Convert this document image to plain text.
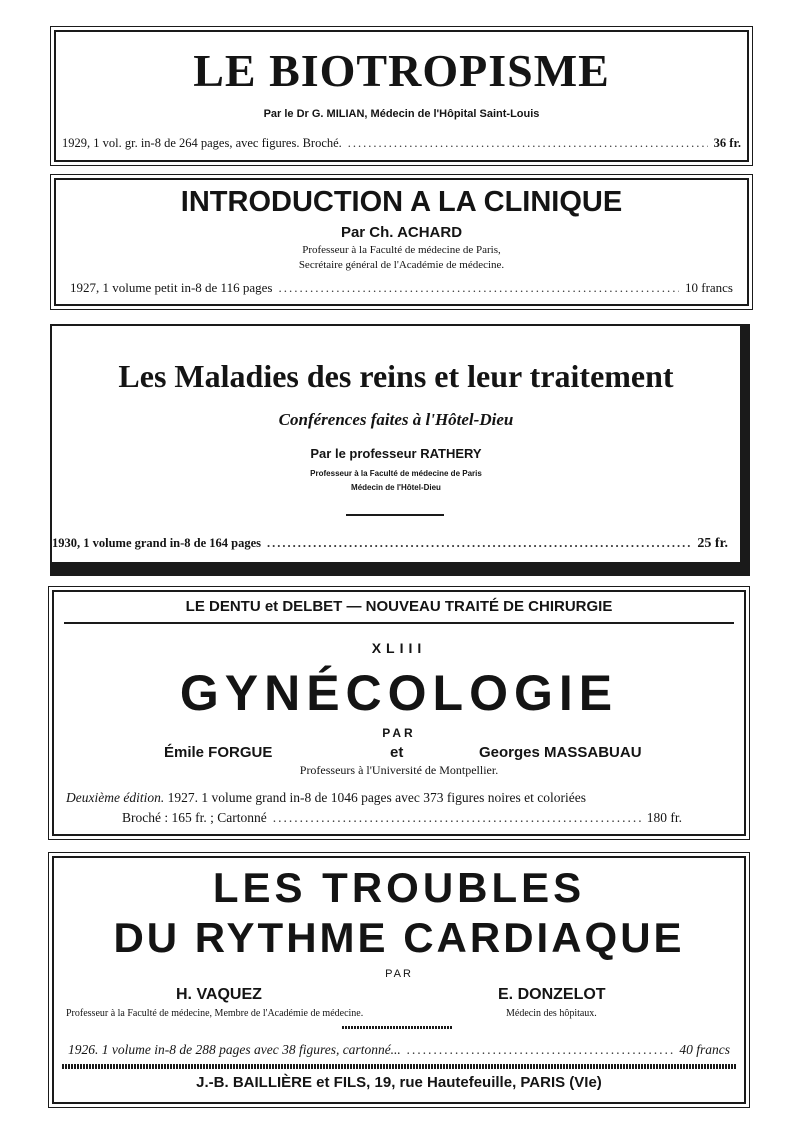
LE BIOTROPISME
Par le Dr G. MILIAN, Médecin de l'Hôpital Saint-Louis
1929, 1 vol. gr. in-8 de 264 pages, avec figures. Broché. .....	36 fr.
INTRODUCTION A LA CLINIQUE
Par Ch. ACHARD
Professeur à la Faculté de médecine de Paris,
Secrétaire général de l'Académie de médecine.
1927, 1 volume petit in-8 de 116 pages .....	10 francs
Les Maladies des reins et leur traitement
Conférences faites à l'Hôtel-Dieu
Par le professeur RATHERY
Professeur à la Faculté de médecine de Paris
Médecin de l'Hôtel-Dieu
1930, 1 volume grand in-8 de 164 pages .....	25 fr.
LE DENTU et DELBET — NOUVEAU TRAITÉ DE CHIRURGIE
XLIII
GYNÉCOLOGIE
PAR
Émile FORGUE	et	Georges MASSABUAU
Professeurs à l'Université de Montpellier.
Deuxième édition. 1927. 1 volume grand in-8 de 1046 pages avec 373 figures noires et coloriées
Broché : 165 fr. ; Cartonné .....	180 fr.
LES TROUBLES
DU RYTHME CARDIAQUE
PAR
H. VAQUEZ
Professeur à la Faculté de médecine, Membre de l'Académie de médecine.
E. DONZELOT
Médecin des hôpitaux.
1926. 1 volume in-8 de 288 pages avec 38 figures, cartonné... .....	40 francs
J.-B. BAILLIÈRE et FILS, 19, rue Hautefeuille, PARIS (VIe)
